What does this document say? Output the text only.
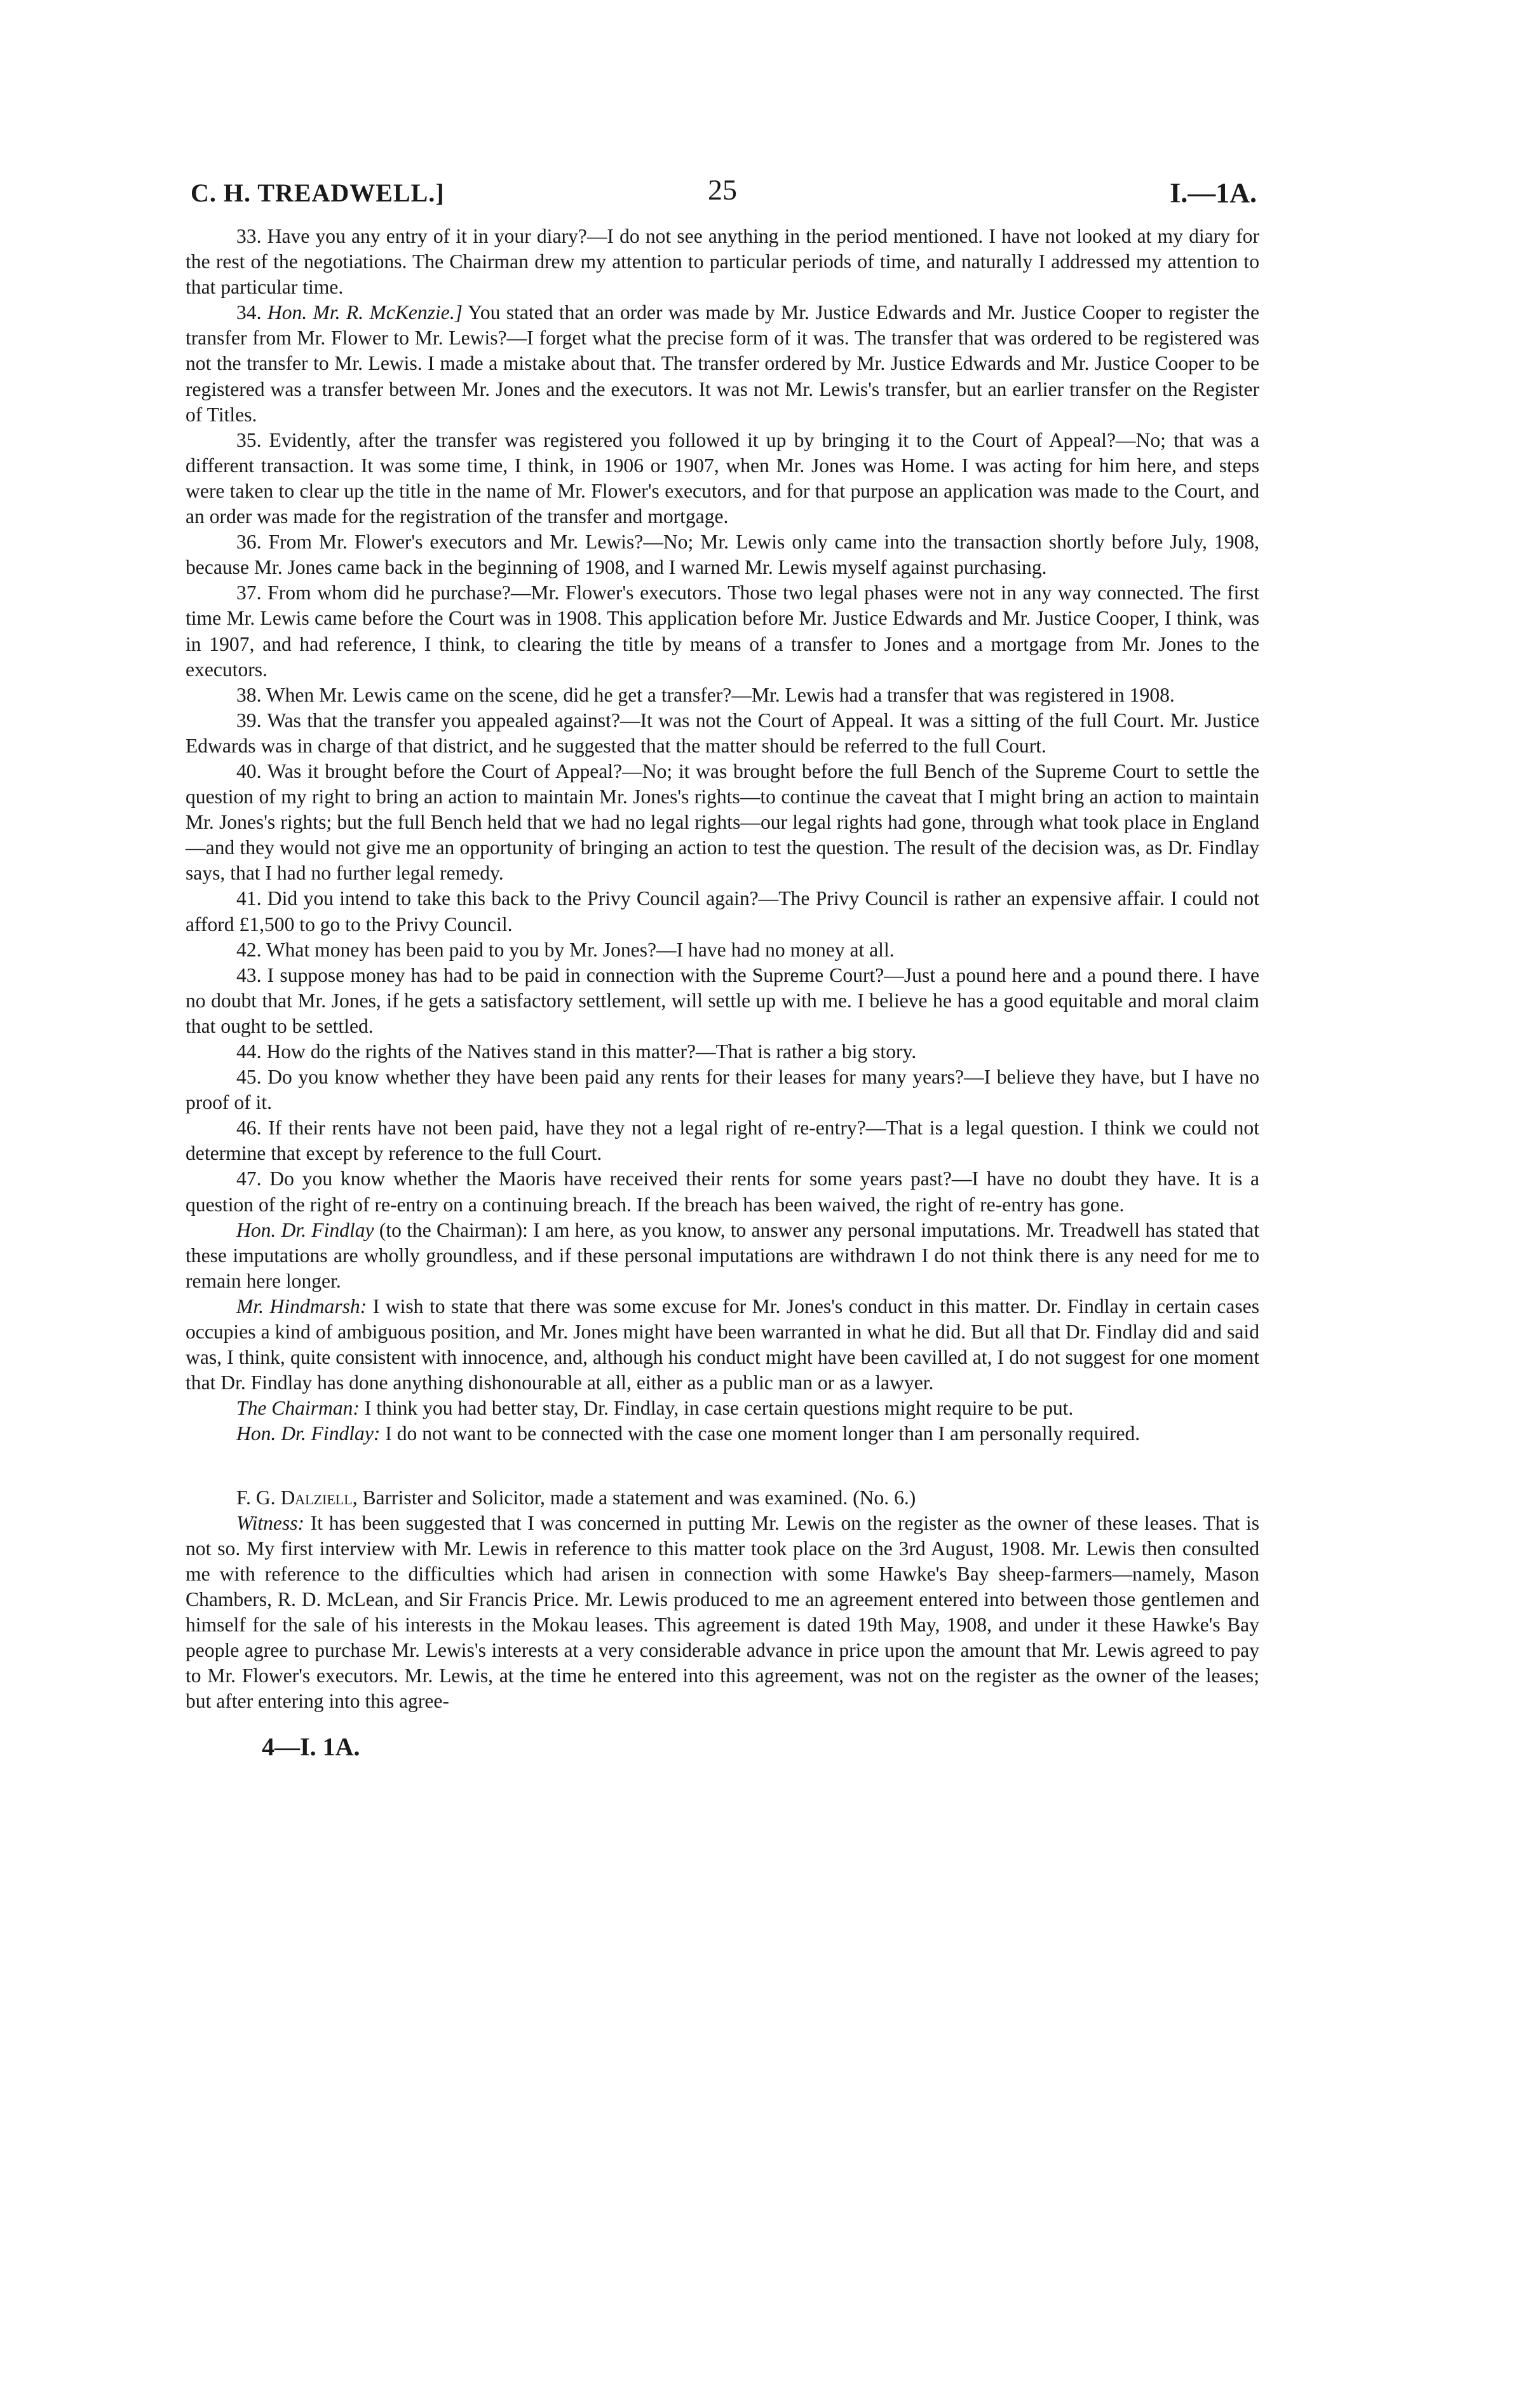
C. H. TREADWELL.]	25	I.—1A.

33. Have you any entry of it in your diary?—I do not see anything in the period mentioned. I have not looked at my diary for the rest of the negotiations. The Chairman drew my attention to particular periods of time, and naturally I addressed my attention to that particular time.

34. Hon. Mr. R. McKenzie.] You stated that an order was made by Mr. Justice Edwards and Mr. Justice Cooper to register the transfer from Mr. Flower to Mr. Lewis?—I forget what the precise form of it was. The transfer that was ordered to be registered was not the transfer to Mr. Lewis. I made a mistake about that. The transfer ordered by Mr. Justice Edwards and Mr. Justice Cooper to be registered was a transfer between Mr. Jones and the executors. It was not Mr. Lewis's transfer, but an earlier transfer on the Register of Titles.

35. Evidently, after the transfer was registered you followed it up by bringing it to the Court of Appeal?—No; that was a different transaction. It was some time, I think, in 1906 or 1907, when Mr. Jones was Home. I was acting for him here, and steps were taken to clear up the title in the name of Mr. Flower's executors, and for that purpose an application was made to the Court, and an order was made for the registration of the transfer and mortgage.

36. From Mr. Flower's executors and Mr. Lewis?—No; Mr. Lewis only came into the transaction shortly before July, 1908, because Mr. Jones came back in the beginning of 1908, and I warned Mr. Lewis myself against purchasing.

37. From whom did he purchase?—Mr. Flower's executors. Those two legal phases were not in any way connected. The first time Mr. Lewis came before the Court was in 1908. This application before Mr. Justice Edwards and Mr. Justice Cooper, I think, was in 1907, and had reference, I think, to clearing the title by means of a transfer to Jones and a mortgage from Mr. Jones to the executors.

38. When Mr. Lewis came on the scene, did he get a transfer?—Mr. Lewis had a transfer that was registered in 1908.

39. Was that the transfer you appealed against?—It was not the Court of Appeal. It was a sitting of the full Court. Mr. Justice Edwards was in charge of that district, and he suggested that the matter should be referred to the full Court.

40. Was it brought before the Court of Appeal?—No; it was brought before the full Bench of the Supreme Court to settle the question of my right to bring an action to maintain Mr. Jones's rights—to continue the caveat that I might bring an action to maintain Mr. Jones's rights; but the full Bench held that we had no legal rights—our legal rights had gone, through what took place in England—and they would not give me an opportunity of bringing an action to test the question. The result of the decision was, as Dr. Findlay says, that I had no further legal remedy.

41. Did you intend to take this back to the Privy Council again?—The Privy Council is rather an expensive affair. I could not afford £1,500 to go to the Privy Council.

42. What money has been paid to you by Mr. Jones?—I have had no money at all.

43. I suppose money has had to be paid in connection with the Supreme Court?—Just a pound here and a pound there. I have no doubt that Mr. Jones, if he gets a satisfactory settlement, will settle up with me. I believe he has a good equitable and moral claim that ought to be settled.

44. How do the rights of the Natives stand in this matter?—That is rather a big story.

45. Do you know whether they have been paid any rents for their leases for many years?—I believe they have, but I have no proof of it.

46. If their rents have not been paid, have they not a legal right of re-entry?—That is a legal question. I think we could not determine that except by reference to the full Court.

47. Do you know whether the Maoris have received their rents for some years past?—I have no doubt they have. It is a question of the right of re-entry on a continuing breach. If the breach has been waived, the right of re-entry has gone.

Hon. Dr. Findlay (to the Chairman): I am here, as you know, to answer any personal imputations. Mr. Treadwell has stated that these imputations are wholly groundless, and if these personal imputations are withdrawn I do not think there is any need for me to remain here longer.

Mr. Hindmarsh: I wish to state that there was some excuse for Mr. Jones's conduct in this matter. Dr. Findlay in certain cases occupies a kind of ambiguous position, and Mr. Jones might have been warranted in what he did. But all that Dr. Findlay did and said was, I think, quite consistent with innocence, and, although his conduct might have been cavilled at, I do not suggest for one moment that Dr. Findlay has done anything dishonourable at all, either as a public man or as a lawyer.

The Chairman: I think you had better stay, Dr. Findlay, in case certain questions might require to be put.

Hon. Dr. Findlay: I do not want to be connected with the case one moment longer than I am personally required.

F. G. Dalziell, Barrister and Solicitor, made a statement and was examined. (No. 6.)

Witness: It has been suggested that I was concerned in putting Mr. Lewis on the register as the owner of these leases. That is not so. My first interview with Mr. Lewis in reference to this matter took place on the 3rd August, 1908. Mr. Lewis then consulted me with reference to the difficulties which had arisen in connection with some Hawke's Bay sheep-farmers—namely, Mason Chambers, R. D. McLean, and Sir Francis Price. Mr. Lewis produced to me an agreement entered into between those gentlemen and himself for the sale of his interests in the Mokau leases. This agreement is dated 19th May, 1908, and under it these Hawke's Bay people agree to purchase Mr. Lewis's interests at a very considerable advance in price upon the amount that Mr. Lewis agreed to pay to Mr. Flower's executors. Mr. Lewis, at the time he entered into this agreement, was not on the register as the owner of the leases; but after entering into this agree-

4—I. 1A.
